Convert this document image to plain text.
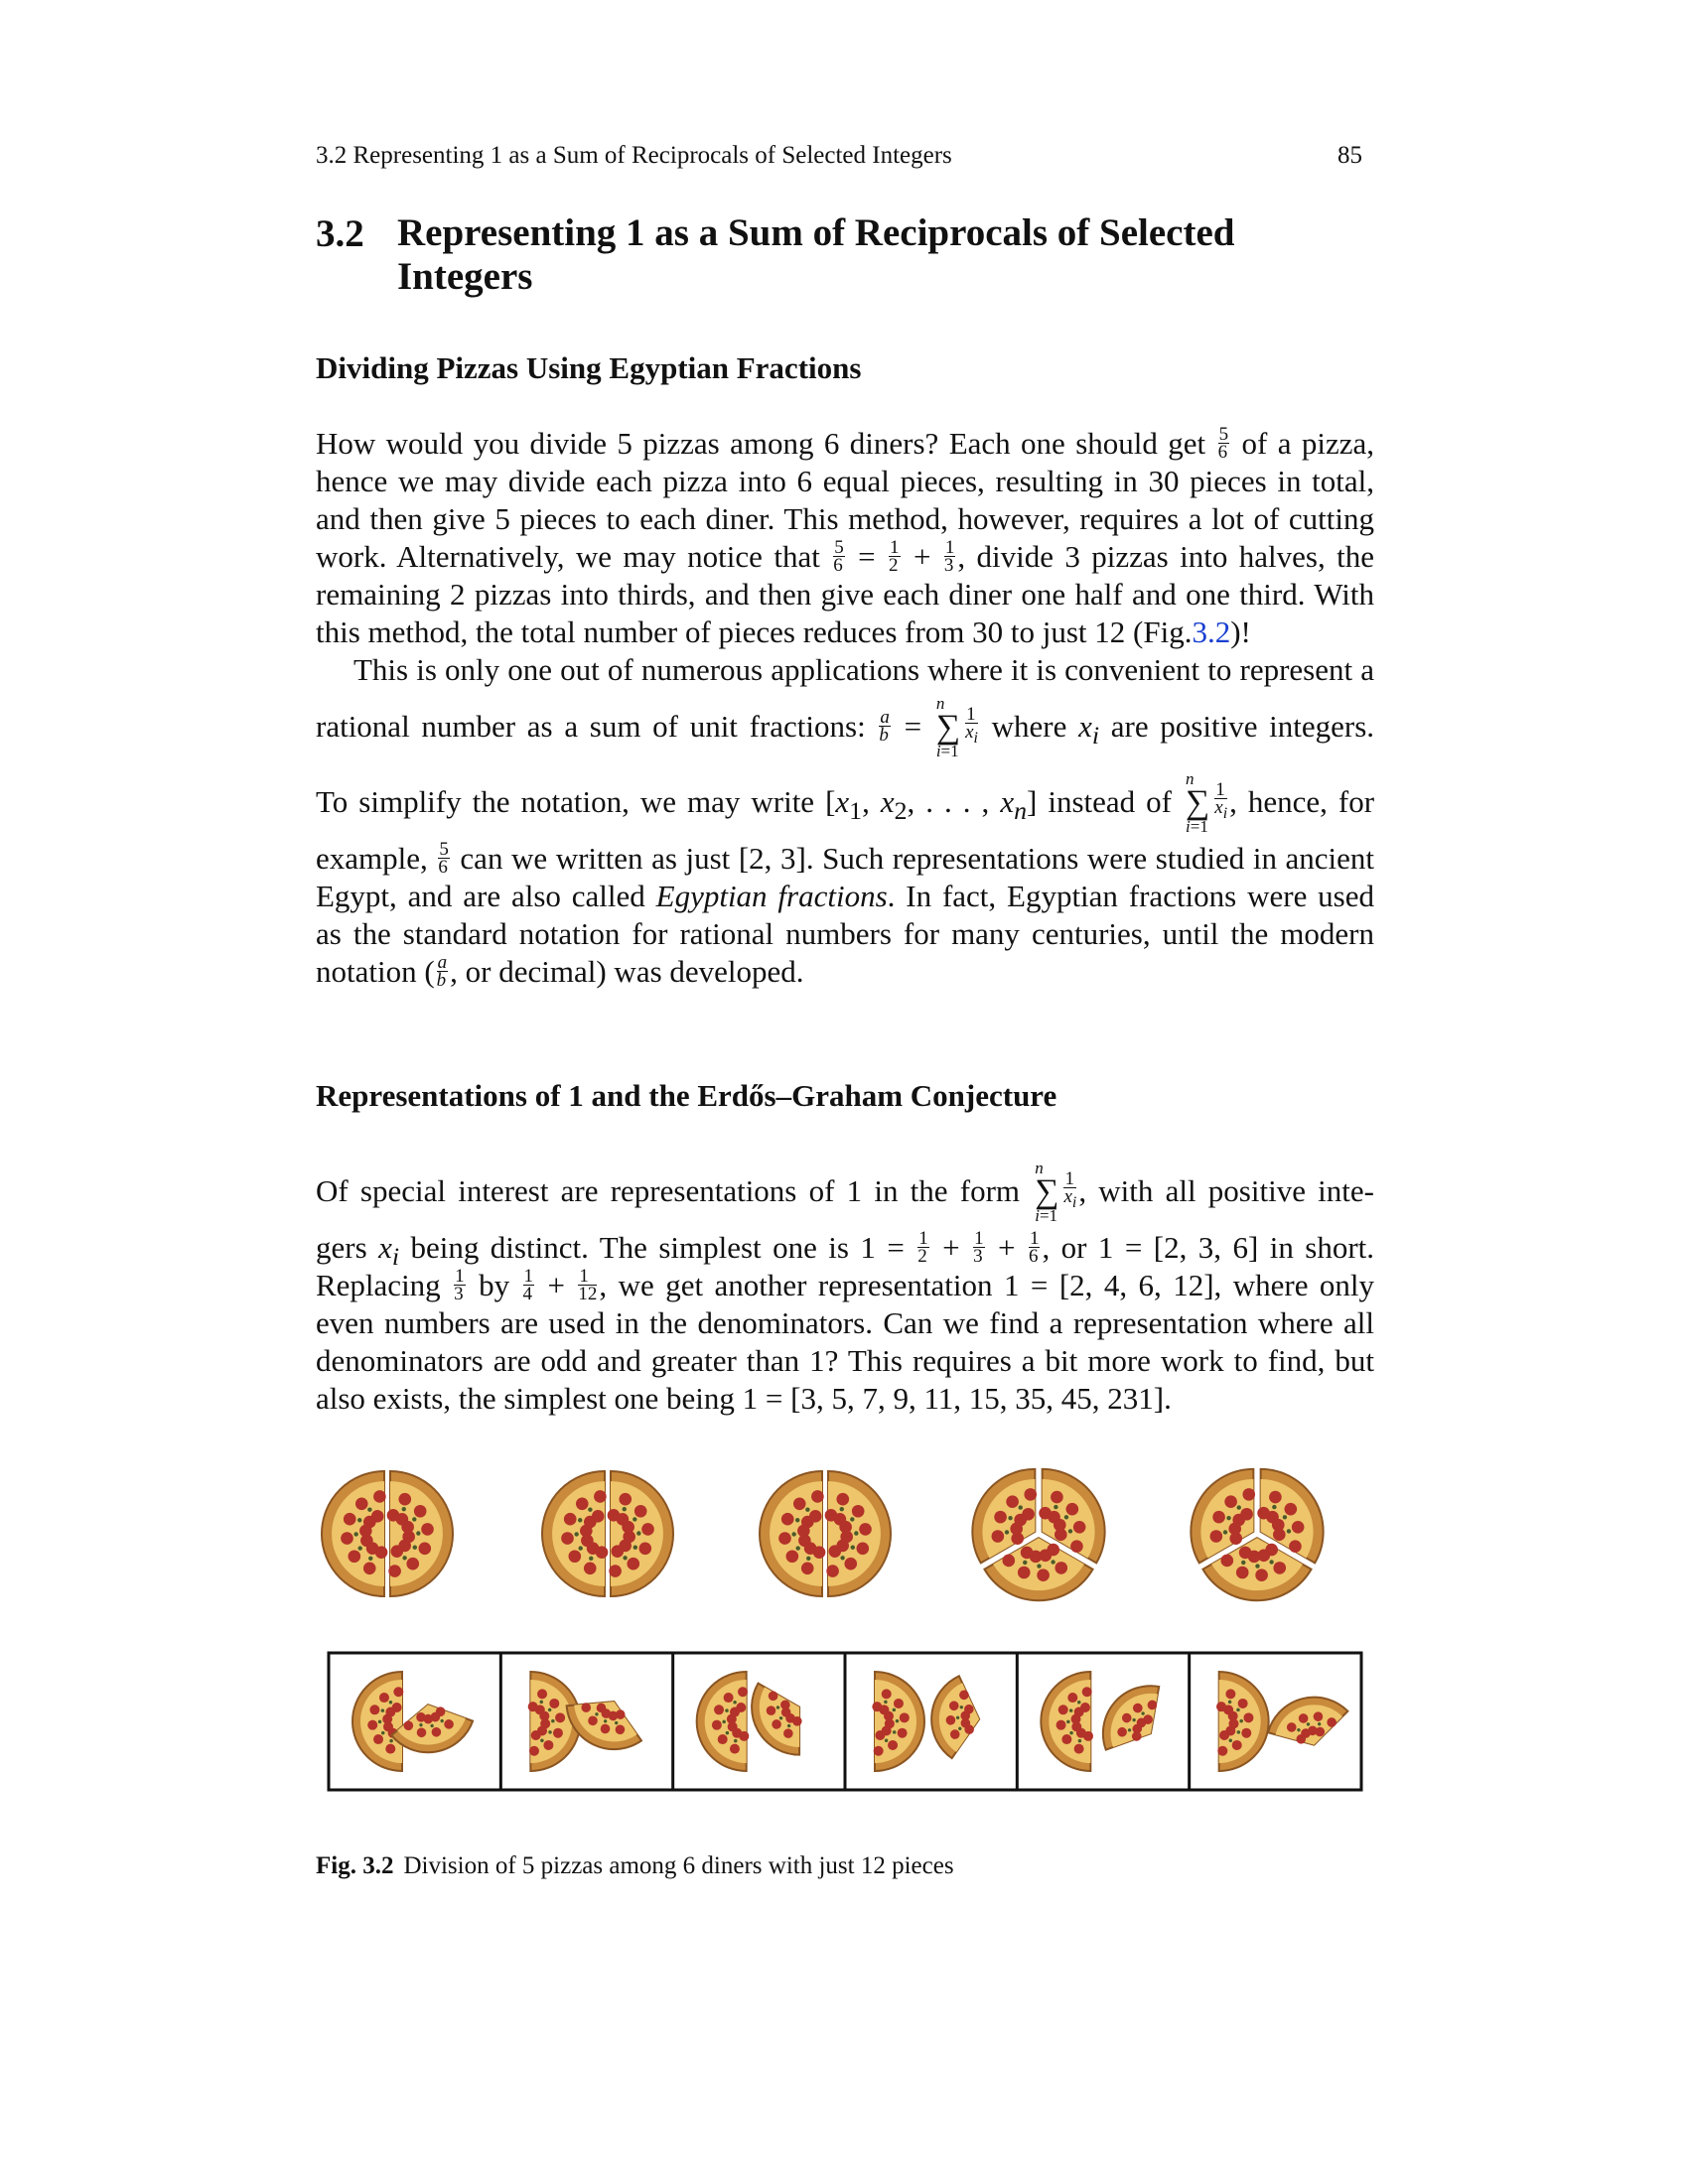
3.2 Representing 1 as a Sum of Reciprocals of Selected Integers	85
3.2 Representing 1 as a Sum of Reciprocals of Selected
Integers
Dividing Pizzas Using Egyptian Fractions
How would you divide 5 pizzas among 6 diners? Each one should get $\frac{5}{6}$ of a pizza,
hence we may divide each pizza into 6 equal pieces, resulting in 30 pieces in total,
and then give 5 pieces to each diner. This method, however, requires a lot of cutting
work. Alternatively, we may notice that $\frac{5}{6} = \frac{1}{2} + \frac{1}{3}$ , divide 3 pizzas into halves, the
remaining 2 pizzas into thirds, and then give each diner one half and one third. With
this method, the total number of pieces reduces from 30 to just 12 (Fig.3.2)!
This is only one out of numerous applications where it is convenient to represent a
rational number as a sum of unit fractions: $\frac{a}{b} = n$
∑
i=1
$\frac{1}{x_i}$ where $x_i$ are positive integers.
To simplify the notation, we may write [$x_1$, $x_2$, . . . , $x_n$] instead of n
∑
i=1
$\frac{1}{x_i}$ , hence, for
example, $\frac{5}{6}$ can we written as just [2, 3]. Such representations were studied in ancient
Egypt, and are also called Egyptian fractions. In fact, Egyptian fractions were used
as the standard notation for rational numbers for many centuries, until the modern
notation ( $\frac{a}{b}$ , or decimal) was developed.
Representations of 1 and the Erdős–Graham Conjecture
Of special interest are representations of 1 in the form n
∑
i=1
$\frac{1}{x_i}$ , with all positive inte-
gers $x_i$ being distinct. The simplest one is $1 = \frac{1}{2} + \frac{1}{3} + \frac{1}{6}$ , or 1 = [2, 3, 6] in short.
Replacing $\frac{1}{3}$ by $\frac{1}{4} + \frac{1}{12}$ , we get another representation 1 = [2, 4, 6, 12], where only
even numbers are used in the denominators. Can we find a representation where all
denominators are odd and greater than 1? This requires a bit more work to find, but
also exists, the simplest one being 1 = [3, 5, 7, 9, 11, 15, 35, 45, 231].
Fig. 3.2 Division of 5 pizzas among 6 diners with just 12 pieces
